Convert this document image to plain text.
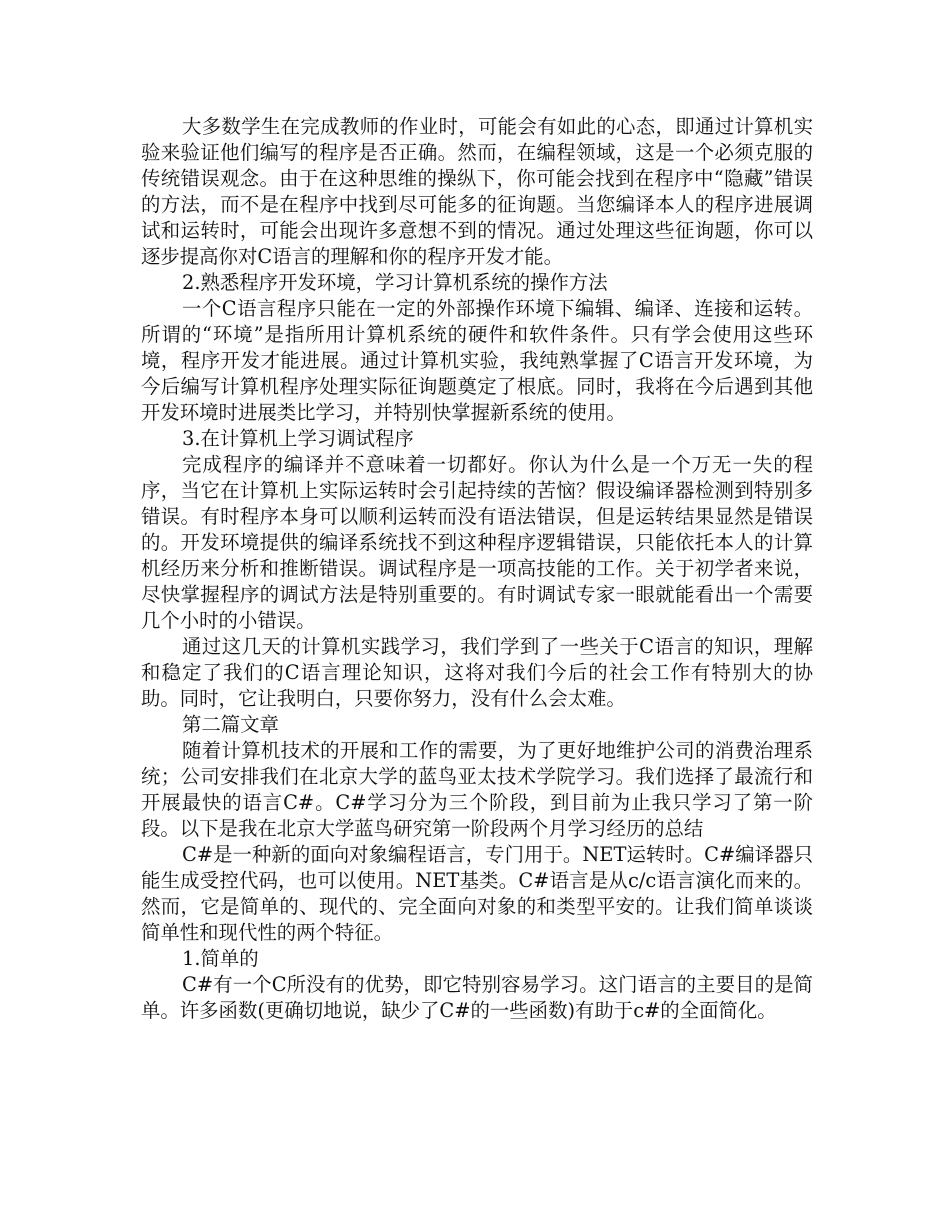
大多数学生在完成教师的作业时，可能会有如此的心态，即通过计算机实验来验证他们编写的程序是否正确。然而，在编程领域，这是一个必须克服的传统错误观念。由于在这种思维的操纵下，你可能会找到在程序中“隐藏”错误的方法，而不是在程序中找到尽可能多的征询题。当您编译本人的程序进展调试和运转时，可能会出现许多意想不到的情况。通过处理这些征询题，你可以逐步提高你对C语言的理解和你的程序开发才能。

2.熟悉程序开发环境，学习计算机系统的操作方法

一个C语言程序只能在一定的外部操作环境下编辑、编译、连接和运转。所谓的“环境”是指所用计算机系统的硬件和软件条件。只有学会使用这些环境，程序开发才能进展。通过计算机实验，我纯熟掌握了C语言开发环境，为今后编写计算机程序处理实际征询题奠定了根底。同时，我将在今后遇到其他开发环境时进展类比学习，并特别快掌握新系统的使用。

3.在计算机上学习调试程序

完成程序的编译并不意味着一切都好。你认为什么是一个万无一失的程序，当它在计算机上实际运转时会引起持续的苦恼？假设编译器检测到特别多错误。有时程序本身可以顺利运转而没有语法错误，但是运转结果显然是错误的。开发环境提供的编译系统找不到这种程序逻辑错误，只能依托本人的计算机经历来分析和推断错误。调试程序是一项高技能的工作。关于初学者来说，尽快掌握程序的调试方法是特别重要的。有时调试专家一眼就能看出一个需要几个小时的小错误。

通过这几天的计算机实践学习，我们学到了一些关于C语言的知识，理解和稳定了我们的C语言理论知识，这将对我们今后的社会工作有特别大的协助。同时，它让我明白，只要你努力，没有什么会太难。

第二篇文章

随着计算机技术的开展和工作的需要，为了更好地维护公司的消费治理系统；公司安排我们在北京大学的蓝鸟亚太技术学院学习。我们选择了最流行和开展最快的语言C#。C#学习分为三个阶段，到目前为止我只学习了第一阶段。以下是我在北京大学蓝鸟研究第一阶段两个月学习经历的总结

C#是一种新的面向对象编程语言，专门用于。NET运转时。C#编译器只能生成受控代码，也可以使用。NET基类。C#语言是从c/c语言演化而来的。然而，它是简单的、现代的、完全面向对象的和类型平安的。让我们简单谈谈简单性和现代性的两个特征。

1.简单的

C#有一个C所没有的优势，即它特别容易学习。这门语言的主要目的是简单。许多函数(更确切地说，缺少了C#的一些函数)有助于c#的全面简化。
